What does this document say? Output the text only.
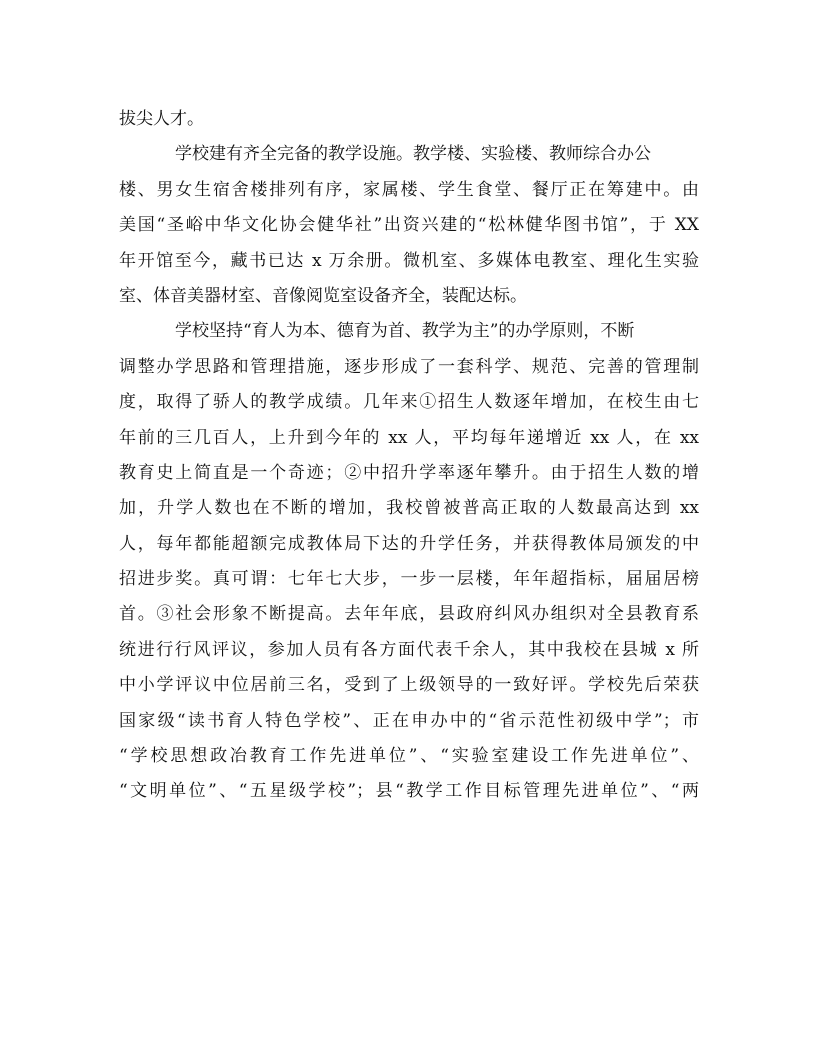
拔尖人才。
学校建有齐全完备的教学设施。教学楼、实验楼、教师综合办公
楼、男女生宿舍楼排列有序，家属楼、学生食堂、餐厅正在筹建中。由
美国“圣峪中华文化协会健华社”出资兴建的“松林健华图书馆”，于 XX
年开馆至今，藏书已达 x 万余册。微机室、多媒体电教室、理化生实验
室、体音美器材室、音像阅览室设备齐全，装配达标。
学校坚持“育人为本、德育为首、教学为主”的办学原则，不断
调整办学思路和管理措施，逐步形成了一套科学、规范、完善的管理制
度，取得了骄人的教学成绩。几年来①招生人数逐年增加，在校生由七
年前的三几百人，上升到今年的 xx 人，平均每年递增近 xx 人，在 xx
教育史上简直是一个奇迹；②中招升学率逐年攀升。由于招生人数的增
加，升学人数也在不断的增加，我校曾被普高正取的人数最高达到 xx
人，每年都能超额完成教体局下达的升学任务，并获得教体局颁发的中
招进步奖。真可谓：七年七大步，一步一层楼，年年超指标，届届居榜
首。③社会形象不断提高。去年年底，县政府纠风办组织对全县教育系
统进行行风评议，参加人员有各方面代表千余人，其中我校在县城 x 所
中小学评议中位居前三名，受到了上级领导的一致好评。学校先后荣获
国家级“读书育人特色学校”、正在申办中的“省示范性初级中学”；市
“学校思想政冶教育工作先进单位”、“实验室建设工作先进单位”、
“文明单位”、“五星级学校”；县“教学工作目标管理先进单位”、“两
